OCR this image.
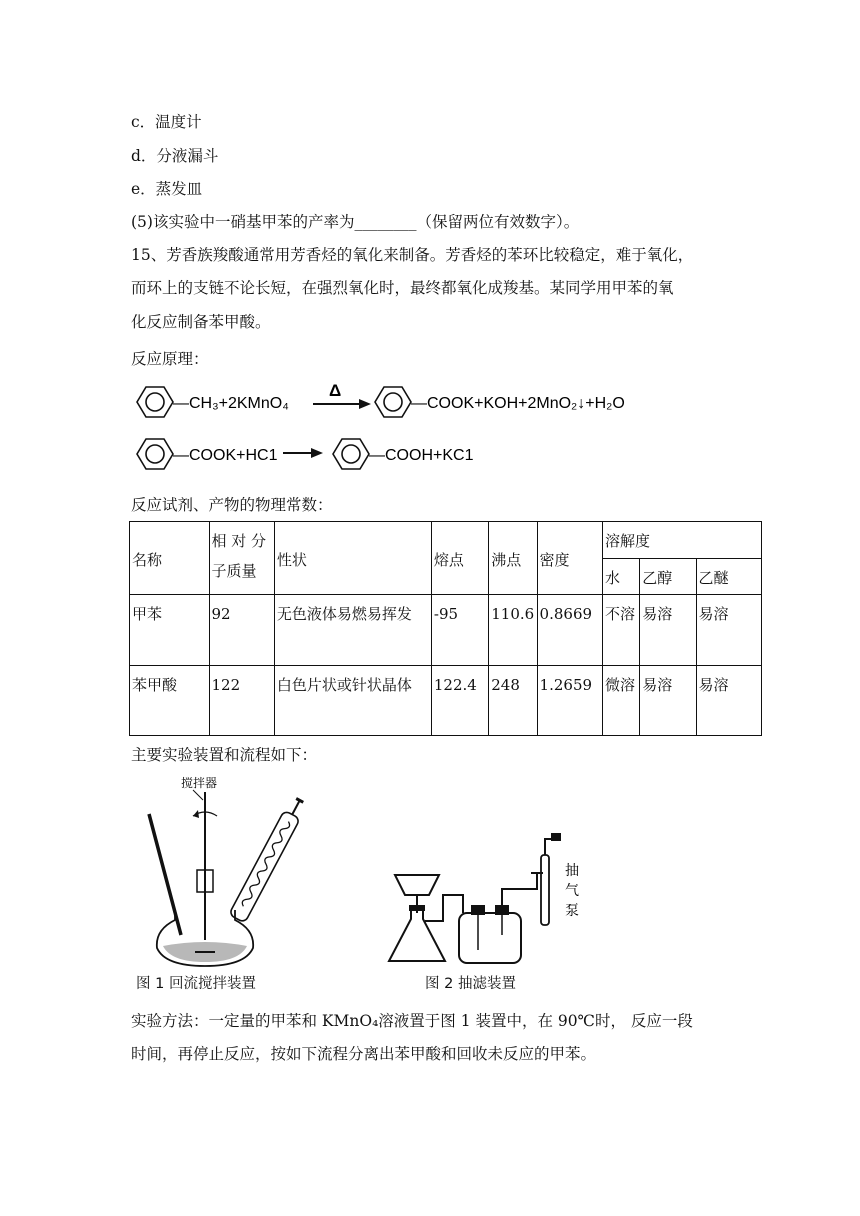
c．温度计
d．分液漏斗
e．蒸发皿
(5)该实验中一硝基甲苯的产率为________（保留两位有效数字）。
15、芳香族羧酸通常用芳香烃的氧化来制备。芳香烃的苯环比较稳定，难于氧化，
而环上的支链不论长短，在强烈氧化时，最终都氧化成羧基。某同学用甲苯的氧
化反应制备苯甲酸。
反应原理：
—CH₃+2KMnO₄
Δ
—COOK+KOH+2MnO₂↓+H₂O
—COOK+HC1	—COOH+KC1
反应试剂、产物的物理常数：
名称	相 对 分 子质量	性状	熔点	沸点	密度	溶解度		
						水	乙醇	乙醚
甲苯	92	无色液体易燃易挥发	-95	110.6	0.8669	不溶	易溶	易溶
苯甲酸	122	白色片状或针状晶体	122.4	248	1.2659	微溶	易溶	易溶
主要实验装置和流程如下：
搅拌器
图 1 回流搅拌装置
抽 气 泵
图 2 抽滤装置
实验方法：一定量的甲苯和 KMnO₄溶液置于图 1 装置中，在 90℃时， 反应一段
时间，再停止反应，按如下流程分离出苯甲酸和回收未反应的甲苯。
